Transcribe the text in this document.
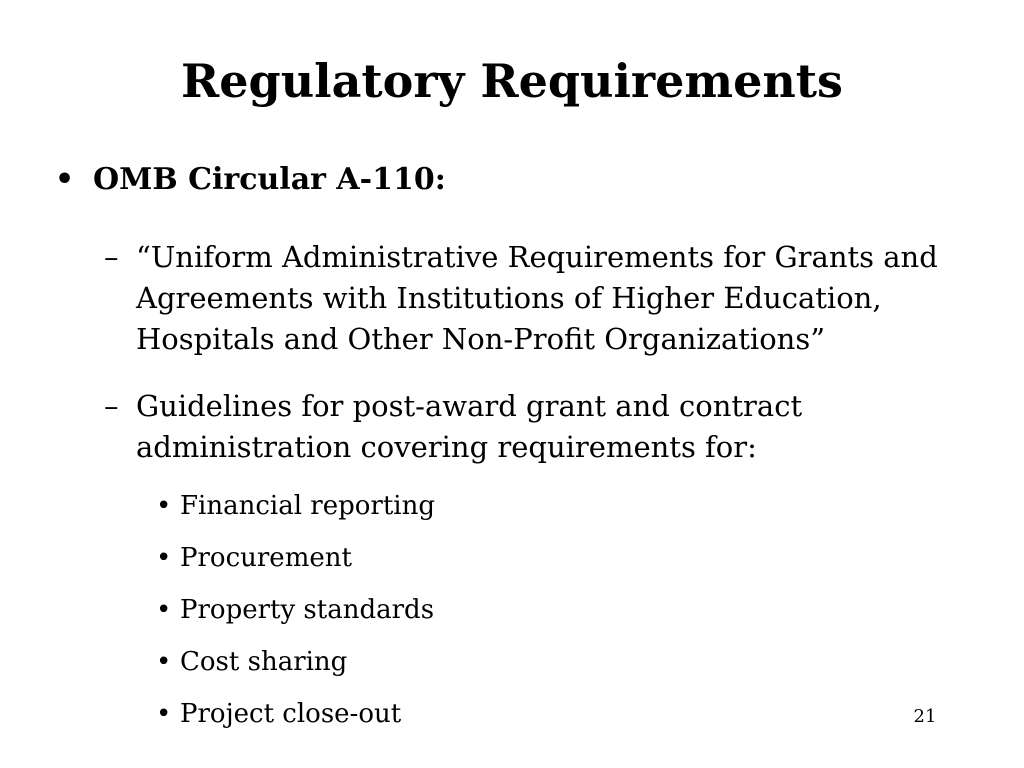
Regulatory Requirements
• OMB Circular A-110:
– “Uniform Administrative Requirements for Grants and Agreements with Institutions of Higher Education, Hospitals and Other Non-Profit Organizations”
– Guidelines for post-award grant and contract administration covering requirements for:
• Financial reporting
• Procurement
• Property standards
• Cost sharing
• Project close-out	21
